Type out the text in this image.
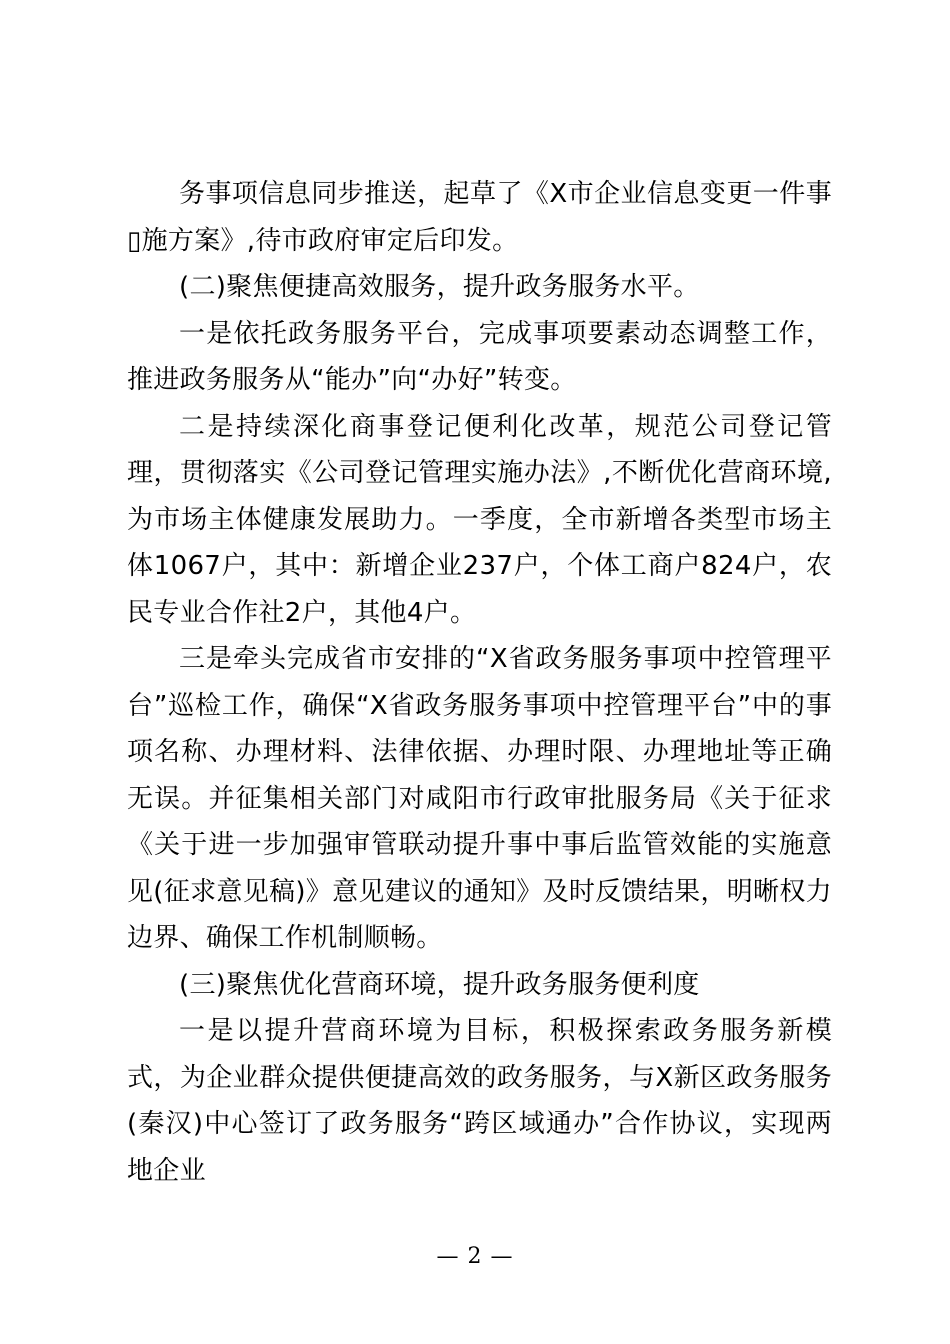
务事项信息同步推送，起草了《X市企业信息变更一件事▯施方案》,待市政府审定后印发。

(二)聚焦便捷高效服务，提升政务服务水平。

一是依托政务服务平台，完成事项要素动态调整工作，推进政务服务从“能办”向“办好”转变。

二是持续深化商事登记便利化改革，规范公司登记管理，贯彻落实《公司登记管理实施办法》,不断优化营商环境, 为市场主体健康发展助力。一季度，全市新增各类型市场主体1067户，其中：新增企业237户，个体工商户824户，农民专业合作社2户，其他4户。

三是牵头完成省市安排的“X省政务服务事项中控管理平台”巡检工作，确保“X省政务服务事项中控管理平台”中的事项名称、办理材料、法律依据、办理时限、办理地址等正确无误。并征集相关部门对咸阳市行政审批服务局《关于征求《关于进一步加强审管联动提升事中事后监管效能的实施意见(征求意见稿)》意见建议的通知》及时反馈结果，明晰权力边界、确保工作机制顺畅。

(三)聚焦优化营商环境，提升政务服务便利度

一是以提升营商环境为目标，积极探索政务服务新模式，为企业群众提供便捷高效的政务服务，与X新区政务服务(秦汉)中心签订了政务服务“跨区域通办”合作协议，实现两地企业

— 2 —
